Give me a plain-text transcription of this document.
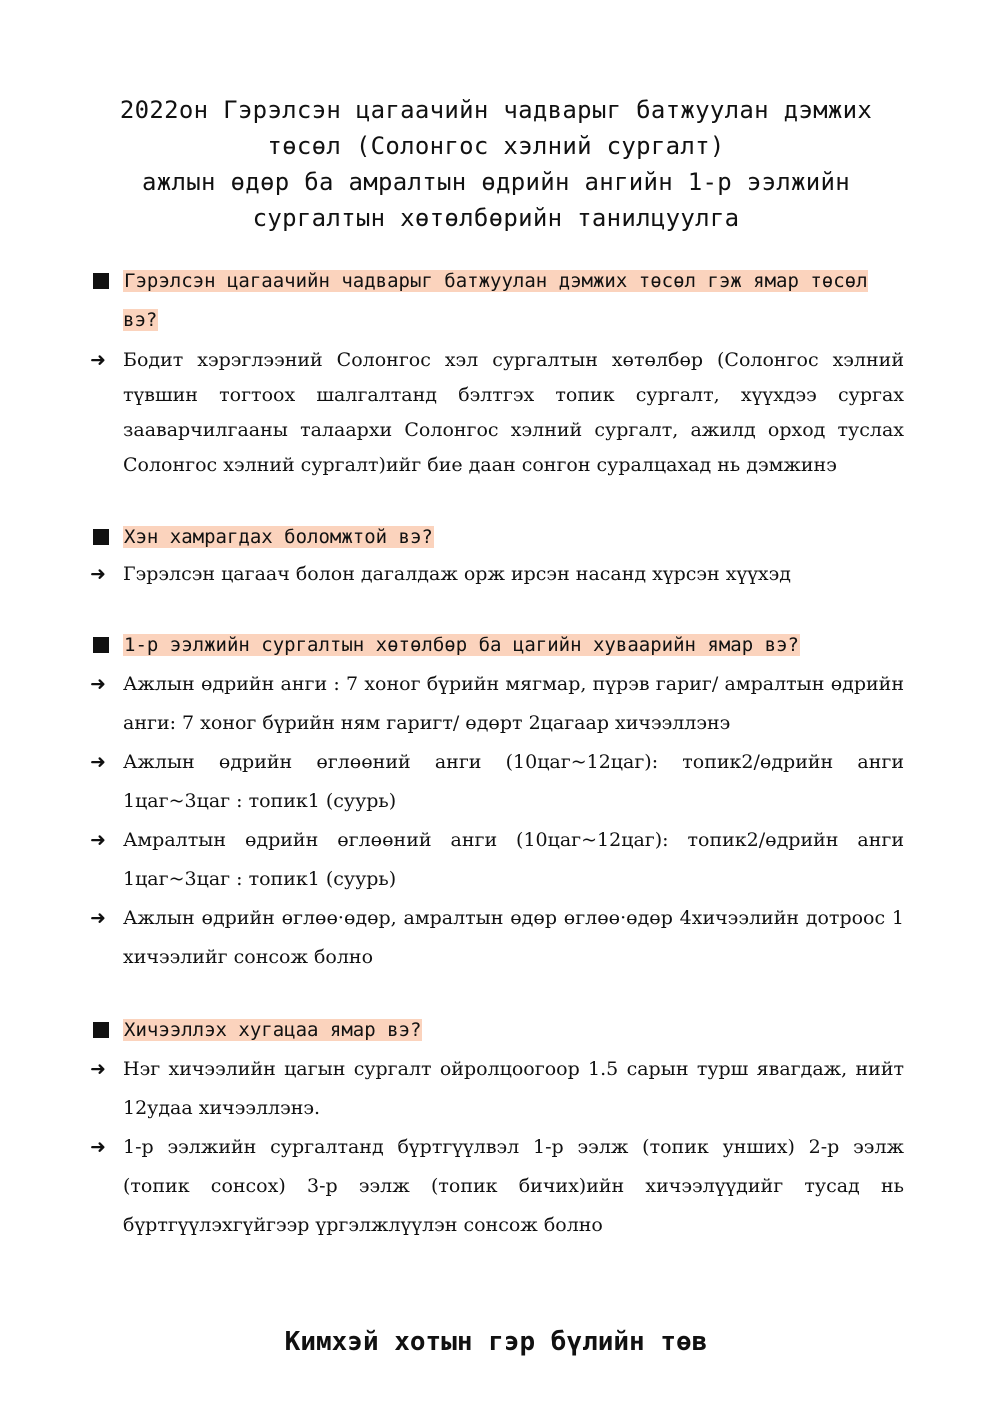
2022он Гэрэлсэн цагаачийн чадварыг батжуулан дэмжих
төсөл (Солонгос хэлний сургалт)
ажлын өдөр ба амралтын өдрийн ангийн 1-р ээлжийн
сургалтын хөтөлбөрийн танилцуулга
Гэрэлсэн цагаачийн чадварыг батжуулан дэмжих төсөл гэж ямар төсөл вэ?
➜ Бодит хэрэглээний Солонгос хэл сургалтын хөтөлбөр (Солонгос хэлний түвшин тогтоох шалгалтанд бэлтгэх топик сургалт, хүүхдээ сургах зааварчилгааны талаархи Солонгос хэлний сургалт, ажилд орход туслах Солонгос хэлний сургалт)ийг бие даан сонгон суралцахад нь дэмжинэ
Хэн хамрагдах боломжтой вэ?
➜ Гэрэлсэн цагаач болон дагалдаж орж ирсэн насанд хүрсэн хүүхэд
1-р ээлжийн сургалтын хөтөлбөр ба цагийн хуваарийн ямар вэ?
➜ Ажлын өдрийн анги : 7 хоног бүрийн мягмар, пүрэв гариг/ амралтын өдрийн анги: 7 хоног бүрийн ням гаригт/ өдөрт 2цагаар хичээллэнэ
➜ Ажлын өдрийн өглөөний анги (10цаг~12цаг): топик2/өдрийн анги 1цаг~3цаг : топик1 (суурь)
➜ Амралтын өдрийн өглөөний анги (10цаг~12цаг): топик2/өдрийн анги 1цаг~3цаг : топик1 (суурь)
➜ Ажлын өдрийн өглөө·өдөр, амралтын өдөр өглөө·өдөр 4хичээлийн дотроос 1 хичээлийг сонсож болно
Хичээллэх хугацаа ямар вэ?
➜ Нэг хичээлийн цагын сургалт ойролцоогоор 1.5 сарын турш явагдаж, нийт 12удаа хичээллэнэ.
➜ 1-р ээлжийн сургалтанд бүртгүүлвэл 1-р ээлж (топик унших) 2-р ээлж (топик сонсох) 3-р ээлж (топик бичих)ийн хичээлүүдийг тусад нь бүртгүүлэхгүйгээр үргэлжлүүлэн сонсож болно
Кимхэй хотын гэр бүлийн төв
